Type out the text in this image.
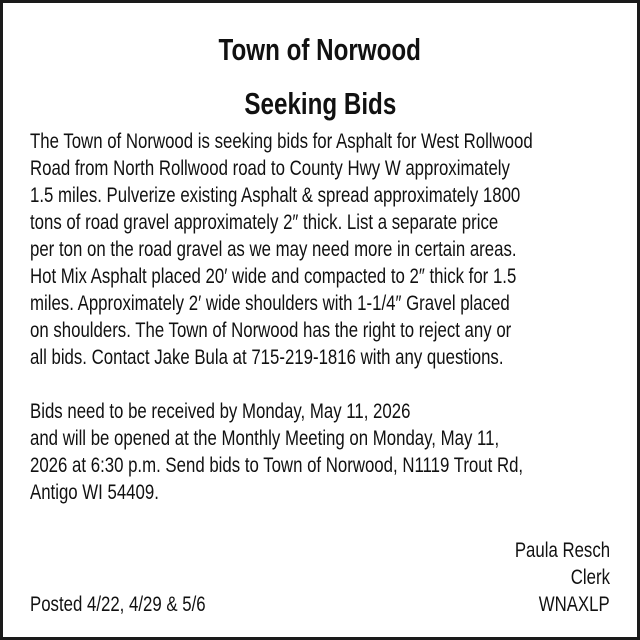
Town of Norwood
Seeking Bids
The Town of Norwood is seeking bids for Asphalt for West Rollwood
Road from North Rollwood road to County Hwy W approximately
1.5 miles. Pulverize existing Asphalt & spread approximately 1800
tons of road gravel approximately 2″ thick. List a separate price
per ton on the road gravel as we may need more in certain areas.
Hot Mix Asphalt placed 20′ wide and compacted to 2″ thick for 1.5
miles. Approximately 2′ wide shoulders with 1-1/4″ Gravel placed
on shoulders. The Town of Norwood has the right to reject any or
all bids. Contact Jake Bula at 715-219-1816 with any questions.
Bids need to be received by Monday, May 11, 2026
and will be opened at the Monthly Meeting on Monday, May 11,
2026 at 6:30 p.m. Send bids to Town of Norwood, N1119 Trout Rd,
Antigo WI 54409.
Paula Resch
Clerk
WNAXLP
Posted 4/22, 4/29 & 5/6
